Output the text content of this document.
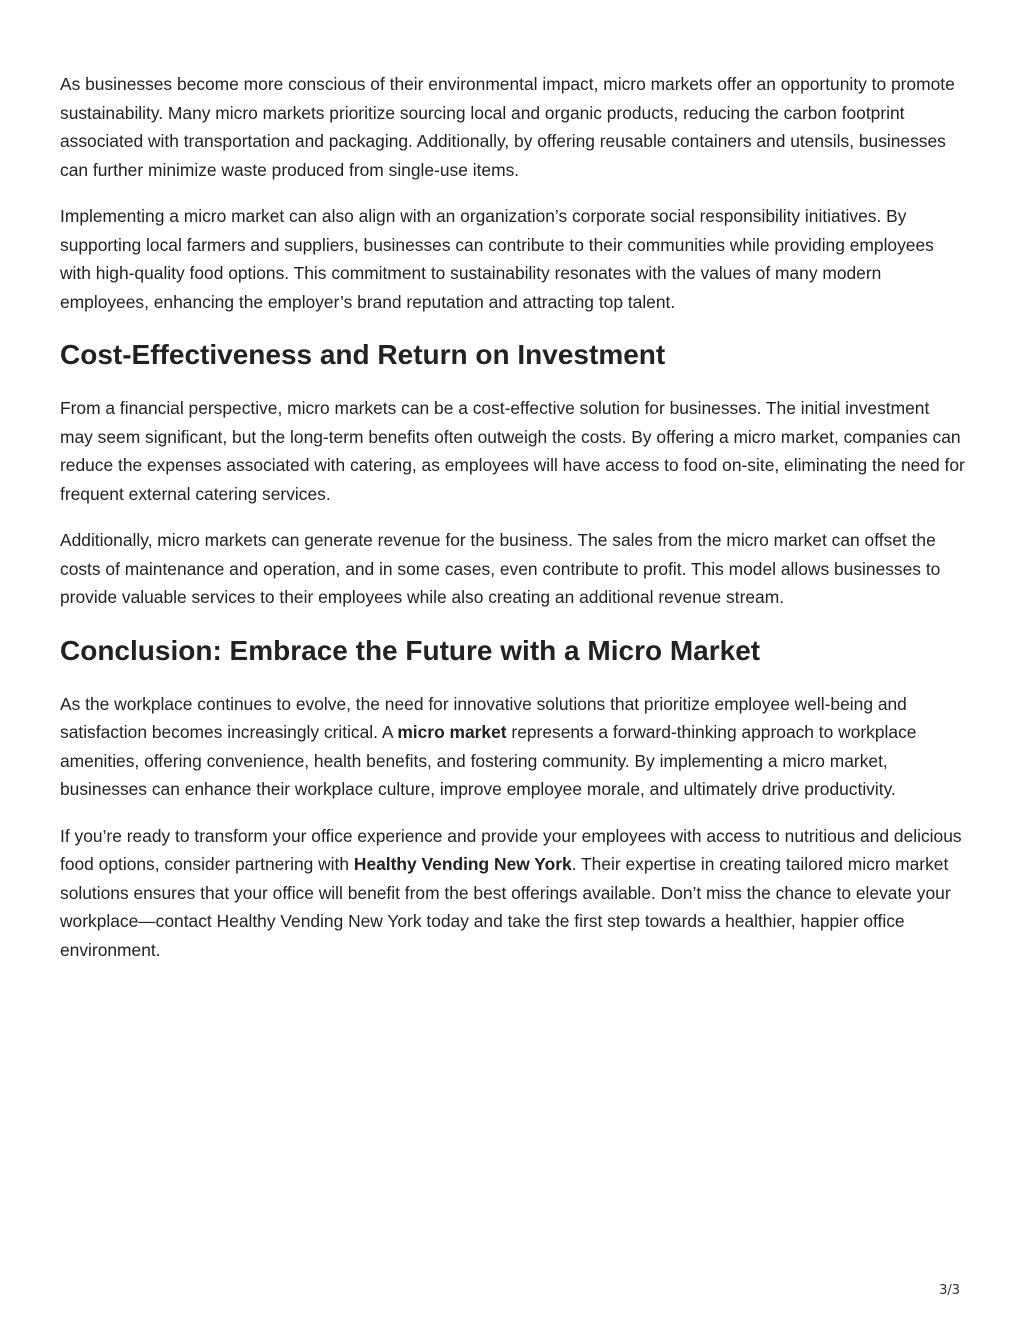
As businesses become more conscious of their environmental impact, micro markets offer an opportunity to promote sustainability. Many micro markets prioritize sourcing local and organic products, reducing the carbon footprint associated with transportation and packaging. Additionally, by offering reusable containers and utensils, businesses can further minimize waste produced from single-use items.

Implementing a micro market can also align with an organization’s corporate social responsibility initiatives. By supporting local farmers and suppliers, businesses can contribute to their communities while providing employees with high-quality food options. This commitment to sustainability resonates with the values of many modern employees, enhancing the employer’s brand reputation and attracting top talent.

Cost-Effectiveness and Return on Investment

From a financial perspective, micro markets can be a cost-effective solution for businesses. The initial investment may seem significant, but the long-term benefits often outweigh the costs. By offering a micro market, companies can reduce the expenses associated with catering, as employees will have access to food on-site, eliminating the need for frequent external catering services.

Additionally, micro markets can generate revenue for the business. The sales from the micro market can offset the costs of maintenance and operation, and in some cases, even contribute to profit. This model allows businesses to provide valuable services to their employees while also creating an additional revenue stream.

Conclusion: Embrace the Future with a Micro Market

As the workplace continues to evolve, the need for innovative solutions that prioritize employee well-being and satisfaction becomes increasingly critical. A micro market represents a forward-thinking approach to workplace amenities, offering convenience, health benefits, and fostering community. By implementing a micro market, businesses can enhance their workplace culture, improve employee morale, and ultimately drive productivity.

If you’re ready to transform your office experience and provide your employees with access to nutritious and delicious food options, consider partnering with Healthy Vending New York. Their expertise in creating tailored micro market solutions ensures that your office will benefit from the best offerings available. Don’t miss the chance to elevate your workplace—contact Healthy Vending New York today and take the first step towards a healthier, happier office environment.

3/3
